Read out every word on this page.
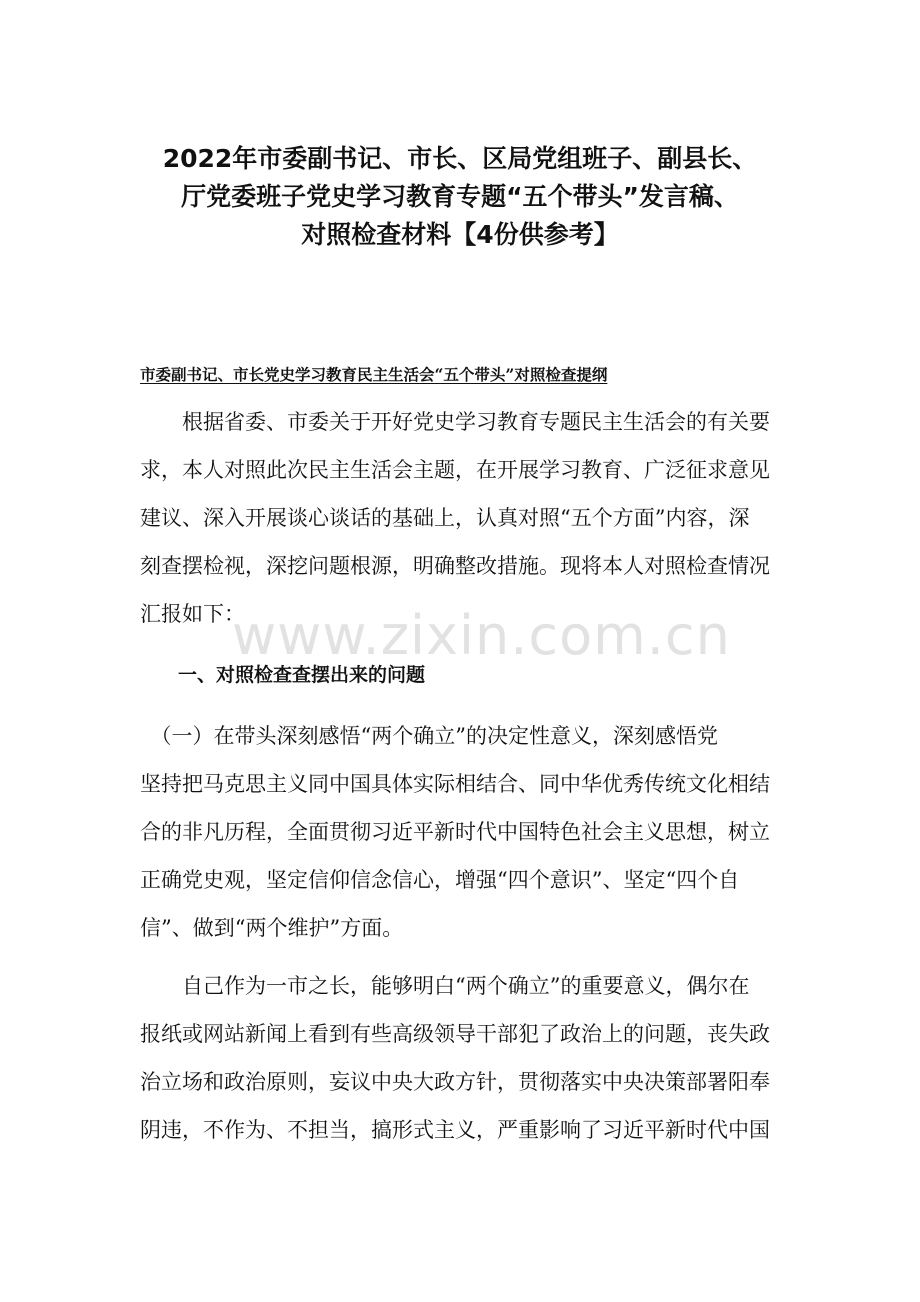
2022年市委副书记、市长、区局党组班子、副县长、
厅党委班子党史学习教育专题“五个带头”发言稿、
对照检查材料【4份供参考】
市委副书记、市长党史学习教育民主生活会“五个带头”对照检查提纲
　　根据省委、市委关于开好党史学习教育专题民主生活会的有关要
求，本人对照此次民主生活会主题，在开展学习教育、广泛征求意见
建议、深入开展谈心谈话的基础上，认真对照“五个方面”内容，深
刻查摆检视，深挖问题根源，明确整改措施。现将本人对照检查情况
汇报如下：
一、对照检查查摆出来的问题
　（一）在带头深刻感悟“两个确立”的决定性意义，深刻感悟党
坚持把马克思主义同中国具体实际相结合、同中华优秀传统文化相结
合的非凡历程，全面贯彻习近平新时代中国特色社会主义思想，树立
正确党史观，坚定信仰信念信心，增强“四个意识”、坚定“四个自
信”、做到“两个维护”方面。
　　自己作为一市之长，能够明白“两个确立”的重要意义，偶尔在
报纸或网站新闻上看到有些高级领导干部犯了政治上的问题，丧失政
治立场和政治原则，妄议中央大政方针，贯彻落实中央决策部署阳奉
阴违，不作为、不担当，搞形式主义，严重影响了习近平新时代中国
www.zixin.com.cn
